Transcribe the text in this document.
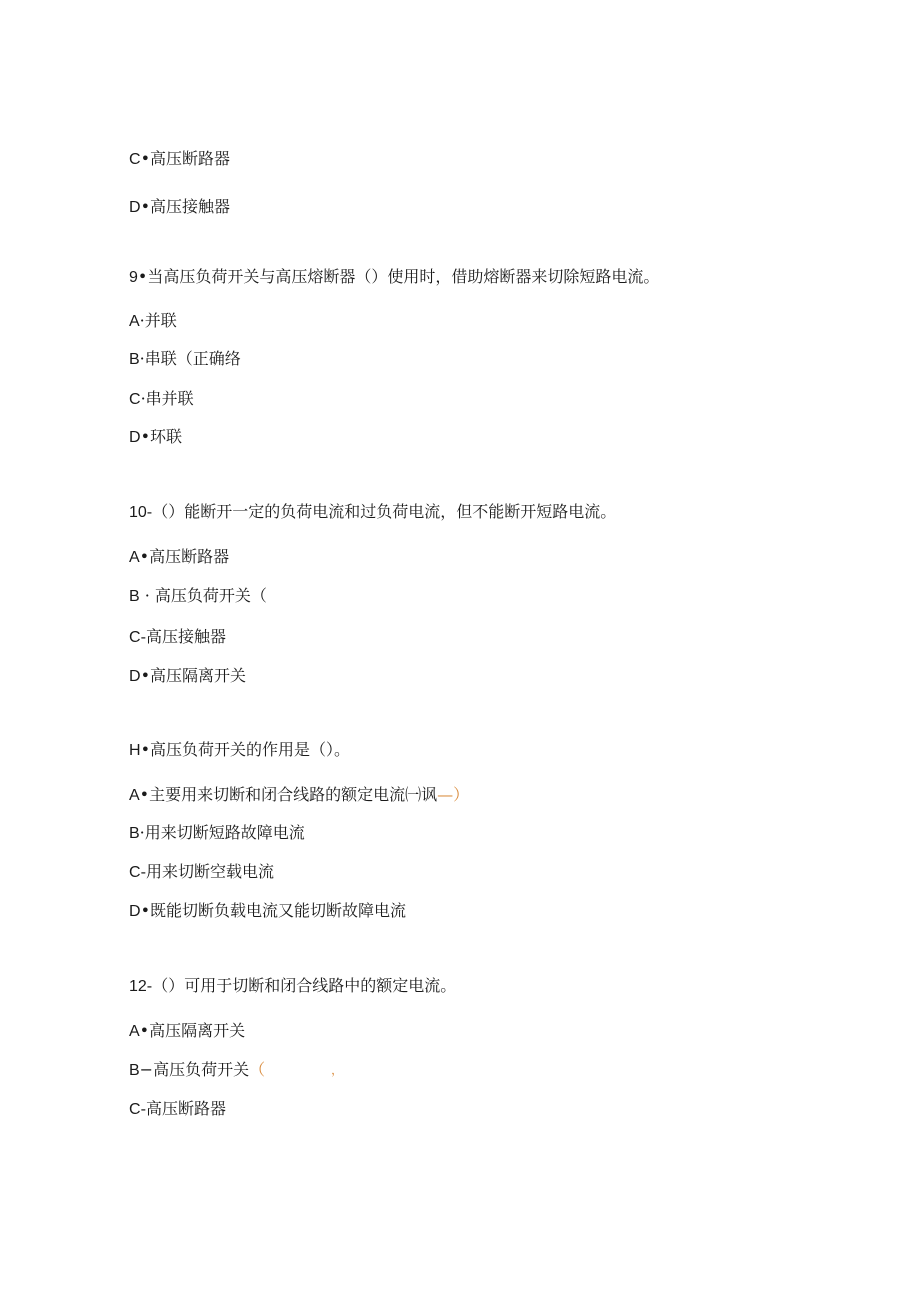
C•高压断路器
D•高压接触器
9•当高压负荷开关与高压熔断器（）使用时，借助熔断器来切除短路电流。
A·并联
B·串联（正确络
C·串并联
D•环联
10-（）能断开一定的负荷电流和过负荷电流，但不能断开短路电流。
A•高压断路器
B · 高压负荷开关（
C-高压接触器
D•高压隔离开关
H•高压负荷开关的作用是（）。
A•主要用来切断和闭合线路的额定电流㈠讽—）
B·用来切断短路故障电流
C-用来切断空载电流
D•既能切断负载电流又能切断故障电流
12-（）可用于切断和闭合线路中的额定电流。
A•高压隔离开关
B−高压负荷开关（	，
C-高压断路器
